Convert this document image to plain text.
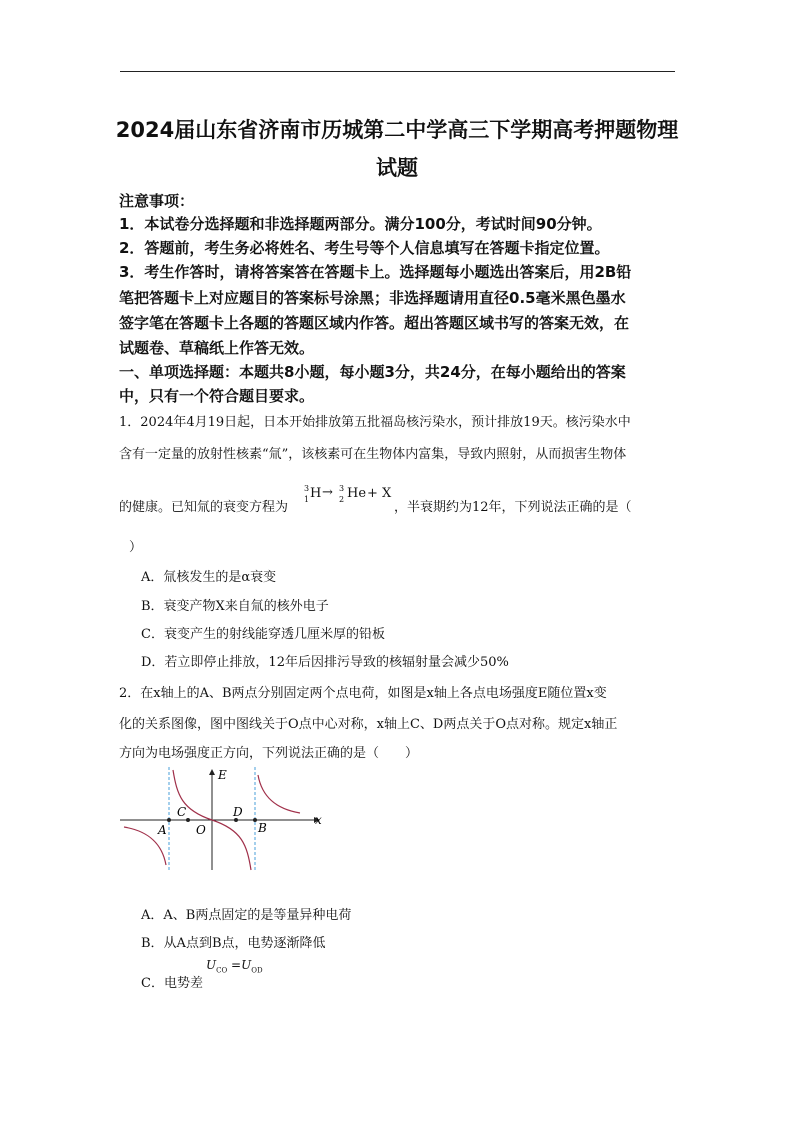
2024届山东省济南市历城第二中学高三下学期高考押题物理
试题
注意事项：
1．本试卷分选择题和非选择题两部分。满分100分，考试时间90分钟。
2．答题前，考生务必将姓名、考生号等个人信息填写在答题卡指定位置。
3．考生作答时，请将答案答在答题卡上。选择题每小题选出答案后，用2B铅
笔把答题卡上对应题目的答案标号涂黑；非选择题请用直径0.5毫米黑色墨水
签字笔在答题卡上各题的答题区域内作答。超出答题区域书写的答案无效，在
试题卷、草稿纸上作答无效。
一、单项选择题：本题共8小题，每小题3分，共24分，在每小题给出的答案
中，只有一个符合题目要求。
1．2024年4月19日起，日本开始排放第五批福岛核污染水，预计排放19天。核污染水中
含有一定量的放射性核素“氚”，该核素可在生物体内富集，导致内照射，从而损害生物体
的健康。已知氚的衰变方程为
3
1 H → 3
2 He + X
，半衰期约为12年，下列说法正确的是（
）
A．氚核发生的是α衰变
B．衰变产物X来自氚的核外电子
C．衰变产生的射线能穿透几厘米厚的铅板
D．若立即停止排放，12年后因排污导致的核辐射量会减少50%
2．在x轴上的A、B两点分别固定两个点电荷，如图是x轴上各点电场强度E随位置x变
化的关系图像，图中图线关于O点中心对称，x轴上C、D两点关于O点对称。规定x轴正
方向为电场强度正方向，下列说法正确的是（　　）
E
x
A
C
O
D
B
A．A、B两点固定的是等量异种电荷
B．从A点到B点，电势逐渐降低
C．电势差
$U_{CO} =U_{OD}$
